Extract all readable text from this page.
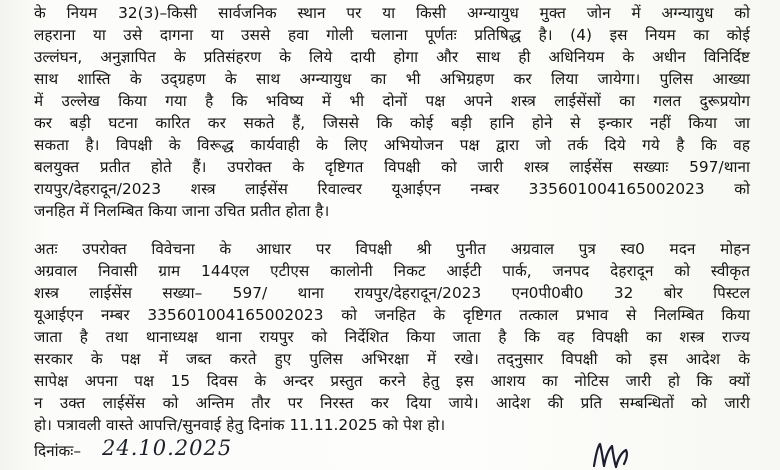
के नियम 32(3)–किसी सार्वजनिक स्थान पर या किसी अग्न्यायुध मुक्त जोन में अग्न्यायुध को
लहराना या उसे दागना या उससे हवा गोली चलाना पूर्णतः प्रतिषिद्ध है। (4) इस नियम का कोई
उल्लंघन, अनुज्ञापित के प्रतिसंहरण के लिये दायी होगा और साथ ही अधिनियम के अधीन विनिर्दिष्ट
साथ शास्ति के उद्ग्रहण के साथ अग्न्यायुध का भी अभिग्रहण कर लिया जायेगा। पुलिस आख्या
में उल्लेख किया गया है कि भविष्य में भी दोनों पक्ष अपने शस्त्र लाईसेंसों का गलत दुरूप्रयोग
कर बड़ी घटना कारित कर सकते हैं, जिससे कि कोई बड़ी हानि होने से इन्कार नहीं किया जा
सकता है। विपक्षी के विरूद्ध कार्यवाही के लिए अभियोजन पक्ष द्वारा जो तर्क दिये गये है कि वह
बलयुक्त प्रतीत होते हैं। उपरोक्त के दृष्टिगत विपक्षी को जारी शस्त्र लाईसेंस सख्याः 597/थाना
रायपुर/देहरादून/2023 शस्त्र लाईसेंस रिवाल्वर यूआईएन नम्बर 33560100416500​2023 को
जनहित में निलम्बित किया जाना उचित प्रतीत होता है।
अतः उपरोक्त विवेचना के आधार पर विपक्षी श्री पुनीत अग्रवाल पुत्र स्व0 मदन मोहन
अग्रवाल निवासी ग्राम 144एल एटीएस कालोनी निकट आईटी पार्क, जनपद देहरादून को स्वीकृत
शस्त्र लाईसेंस सख्या– 597/ थाना रायपुर/देहरादून/2023 एन0पी0बी0 32 बोर पिस्टल
यूआईएन नम्बर 335601004165002023 को जनहित के दृष्टिगत तत्काल प्रभाव से निलम्बित किया
जाता है तथा थानाध्यक्ष थाना रायपुर को निर्देशित किया जाता है कि वह विपक्षी का शस्त्र राज्य
सरकार के पक्ष में जब्त करते हुए पुलिस अभिरक्षा में रखे। तद्नुसार विपक्षी को इस आदेश के
सापेक्ष अपना पक्ष 15 दिवस के अन्दर प्रस्तुत करने हेतु इस आशय का नोटिस जारी हो कि क्यों
न उक्त लाईसेंस को अन्तिम तौर पर निरस्त कर दिया जाये। आदेश की प्रति सम्बन्धितों को जारी
हो। पत्रावली वास्ते आपत्ति/सुनवाई हेतु दिनांक 11.11.2025 को पेश हो।
दिनांकः– 24.10.2025
